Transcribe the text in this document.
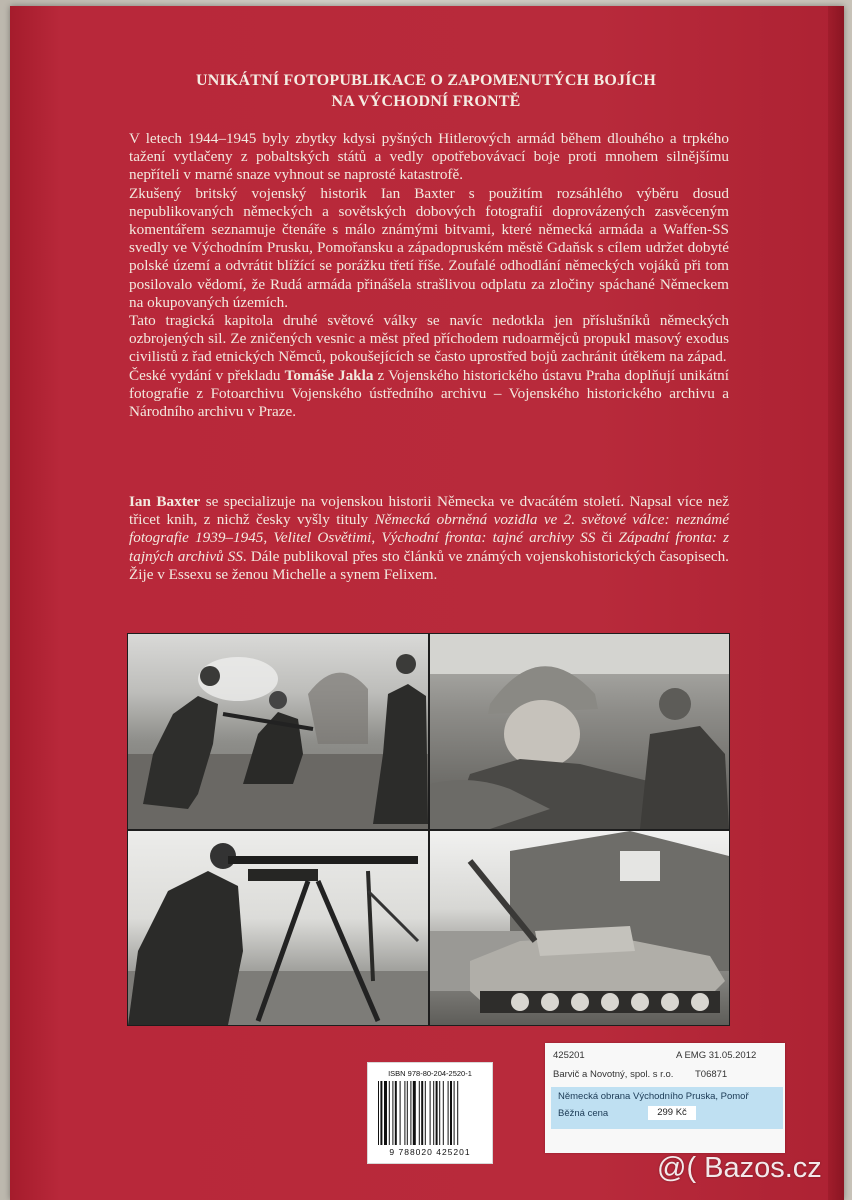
UNIKÁTNÍ FOTOPUBLIKACE O ZAPOMENUTÝCH BOJÍCH
NA VÝCHODNÍ FRONTĚ

V letech 1944–1945 byly zbytky kdysi pyšných Hitlerových armád během dlouhého a trpkého tažení vytlačeny z pobaltských států a vedly opotřebovávací boje proti mnohem silnějšímu nepříteli v marné snaze vyhnout se naprosté katastrofě.

Zkušený britský vojenský historik Ian Baxter s použitím rozsáhlého výběru dosud nepublikovaných německých a sovětských dobových fotografií doprovázených zasvěceným komentářem seznamuje čtenáře s málo známými bitvami, které německá armáda a Waffen-SS svedly ve Východním Prusku, Pomořansku a západopruském městě Gdaňsk s cílem udržet dobyté polské území a odvrátit blížící se porážku třetí říše. Zoufalé odhodlání německých vojáků při tom posilovalo vědomí, že Rudá armáda přinášela strašlivou odplatu za zločiny spáchané Německem na okupovaných územích.

Tato tragická kapitola druhé světové války se navíc nedotkla jen příslušníků německých ozbrojených sil. Ze zničených vesnic a měst před příchodem rudoarmějců propukl masový exodus civilistů z řad etnických Němců, pokoušejících se často uprostřed bojů zachránit útěkem na západ.

České vydání v překladu Tomáše Jakla z Vojenského historického ústavu Praha doplňují unikátní fotografie z Fotoarchivu Vojenského ústředního archivu – Vojenského historického archivu a Národního archivu v Praze.

Ian Baxter se specializuje na vojenskou historii Německa ve dvacátém století. Napsal více než třicet knih, z nichž česky vyšly tituly Německá obrněná vozidla ve 2. světové válce: neznámé fotografie 1939–1945, Velitel Osvětimi, Východní fronta: tajné archivy SS či Západní fronta: z tajných archivů SS. Dále publikoval přes sto článků ve známých vojenskohistorických časopisech. Žije v Essexu se ženou Michelle a synem Felixem.

ISBN 978-80-204-2520-1
9 788020 425201
425201	A EMG 31.05.2012
Barvič a Novotný, spol. s r.o. T06871
Německá obrana Východního Pruska, Pomoř
Běžná cena	299 Kč
@( Bazos.cz
